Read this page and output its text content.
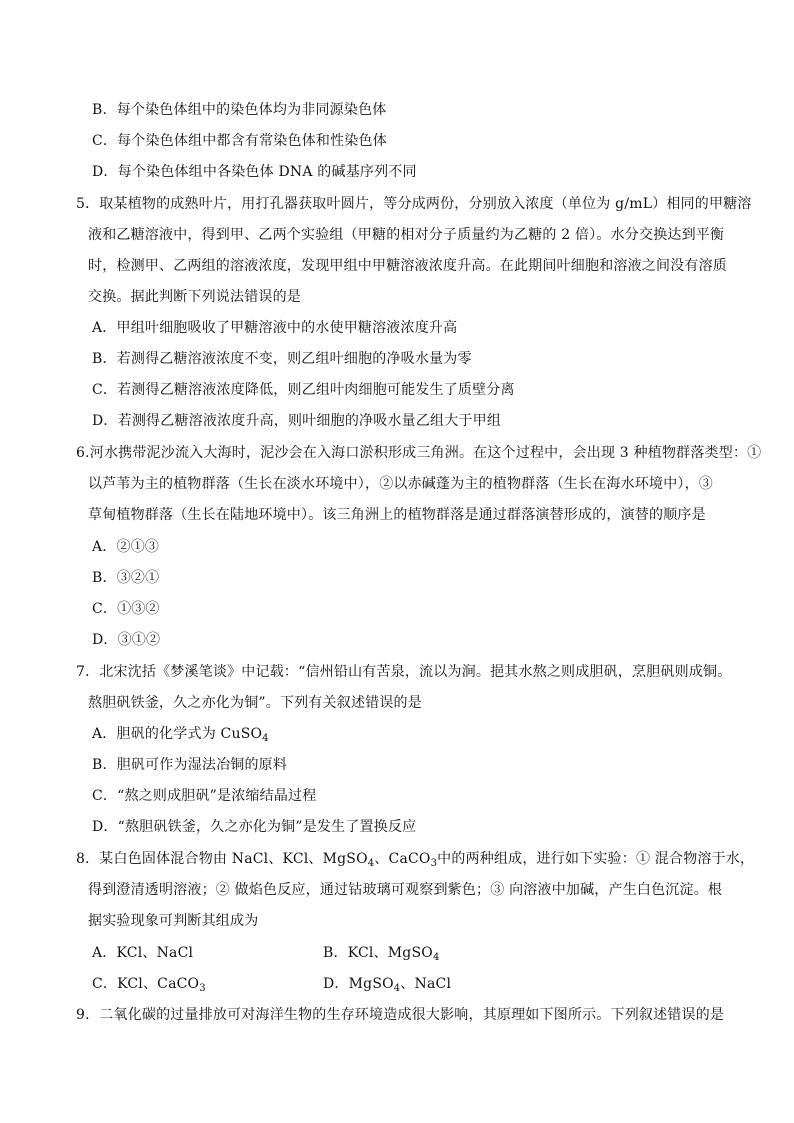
B．每个染色体组中的染色体均为非同源染色体
C．每个染色体组中都含有常染色体和性染色体
D．每个染色体组中各染色体 DNA 的碱基序列不同
5．取某植物的成熟叶片，用打孔器获取叶圆片，等分成两份，分别放入浓度（单位为 g/mL）相同的甲糖溶
液和乙糖溶液中，得到甲、乙两个实验组（甲糖的相对分子质量约为乙糖的 2 倍）。水分交换达到平衡
时，检测甲、乙两组的溶液浓度，发现甲组中甲糖溶液浓度升高。在此期间叶细胞和溶液之间没有溶质
交换。据此判断下列说法错误的是
A．甲组叶细胞吸收了甲糖溶液中的水使甲糖溶液浓度升高
B．若测得乙糖溶液浓度不变，则乙组叶细胞的净吸水量为零
C．若测得乙糖溶液浓度降低，则乙组叶肉细胞可能发生了质壁分离
D．若测得乙糖溶液浓度升高，则叶细胞的净吸水量乙组大于甲组
6.河水携带泥沙流入大海时，泥沙会在入海口淤积形成三角洲。在这个过程中，会出现 3 种植物群落类型：①
以芦苇为主的植物群落（生长在淡水环境中），②以赤碱蓬为主的植物群落（生长在海水环境中），③
草甸植物群落（生长在陆地环境中）。该三角洲上的植物群落是通过群落演替形成的，演替的顺序是
A．②①③
B．③②①
C．①③②
D．③①②
7．北宋沈括《梦溪笔谈》中记载：“信州铅山有苦泉，流以为涧。挹其水熬之则成胆矾，烹胆矾则成铜。
熬胆矾铁釜，久之亦化为铜”。下列有关叙述错误的是
A．胆矾的化学式为 CuSO$_4$
B．胆矾可作为湿法冶铜的原料
C．“熬之则成胆矾”是浓缩结晶过程
D．“熬胆矾铁釜，久之亦化为铜”是发生了置换反应
8．某白色固体混合物由 NaCl、KCl、MgSO$_4$、CaCO$_3$中的两种组成，进行如下实验：① 混合物溶于水，
得到澄清透明溶液；② 做焰色反应，通过钴玻璃可观察到紫色；③ 向溶液中加碱，产生白色沉淀。根
据实验现象可判断其组成为
A．KCl、NaCl	B．KCl、MgSO$_4$
C．KCl、CaCO$_3$	D．MgSO$_4$、NaCl
9．二氧化碳的过量排放可对海洋生物的生存环境造成很大影响，其原理如下图所示。下列叙述错误的是
